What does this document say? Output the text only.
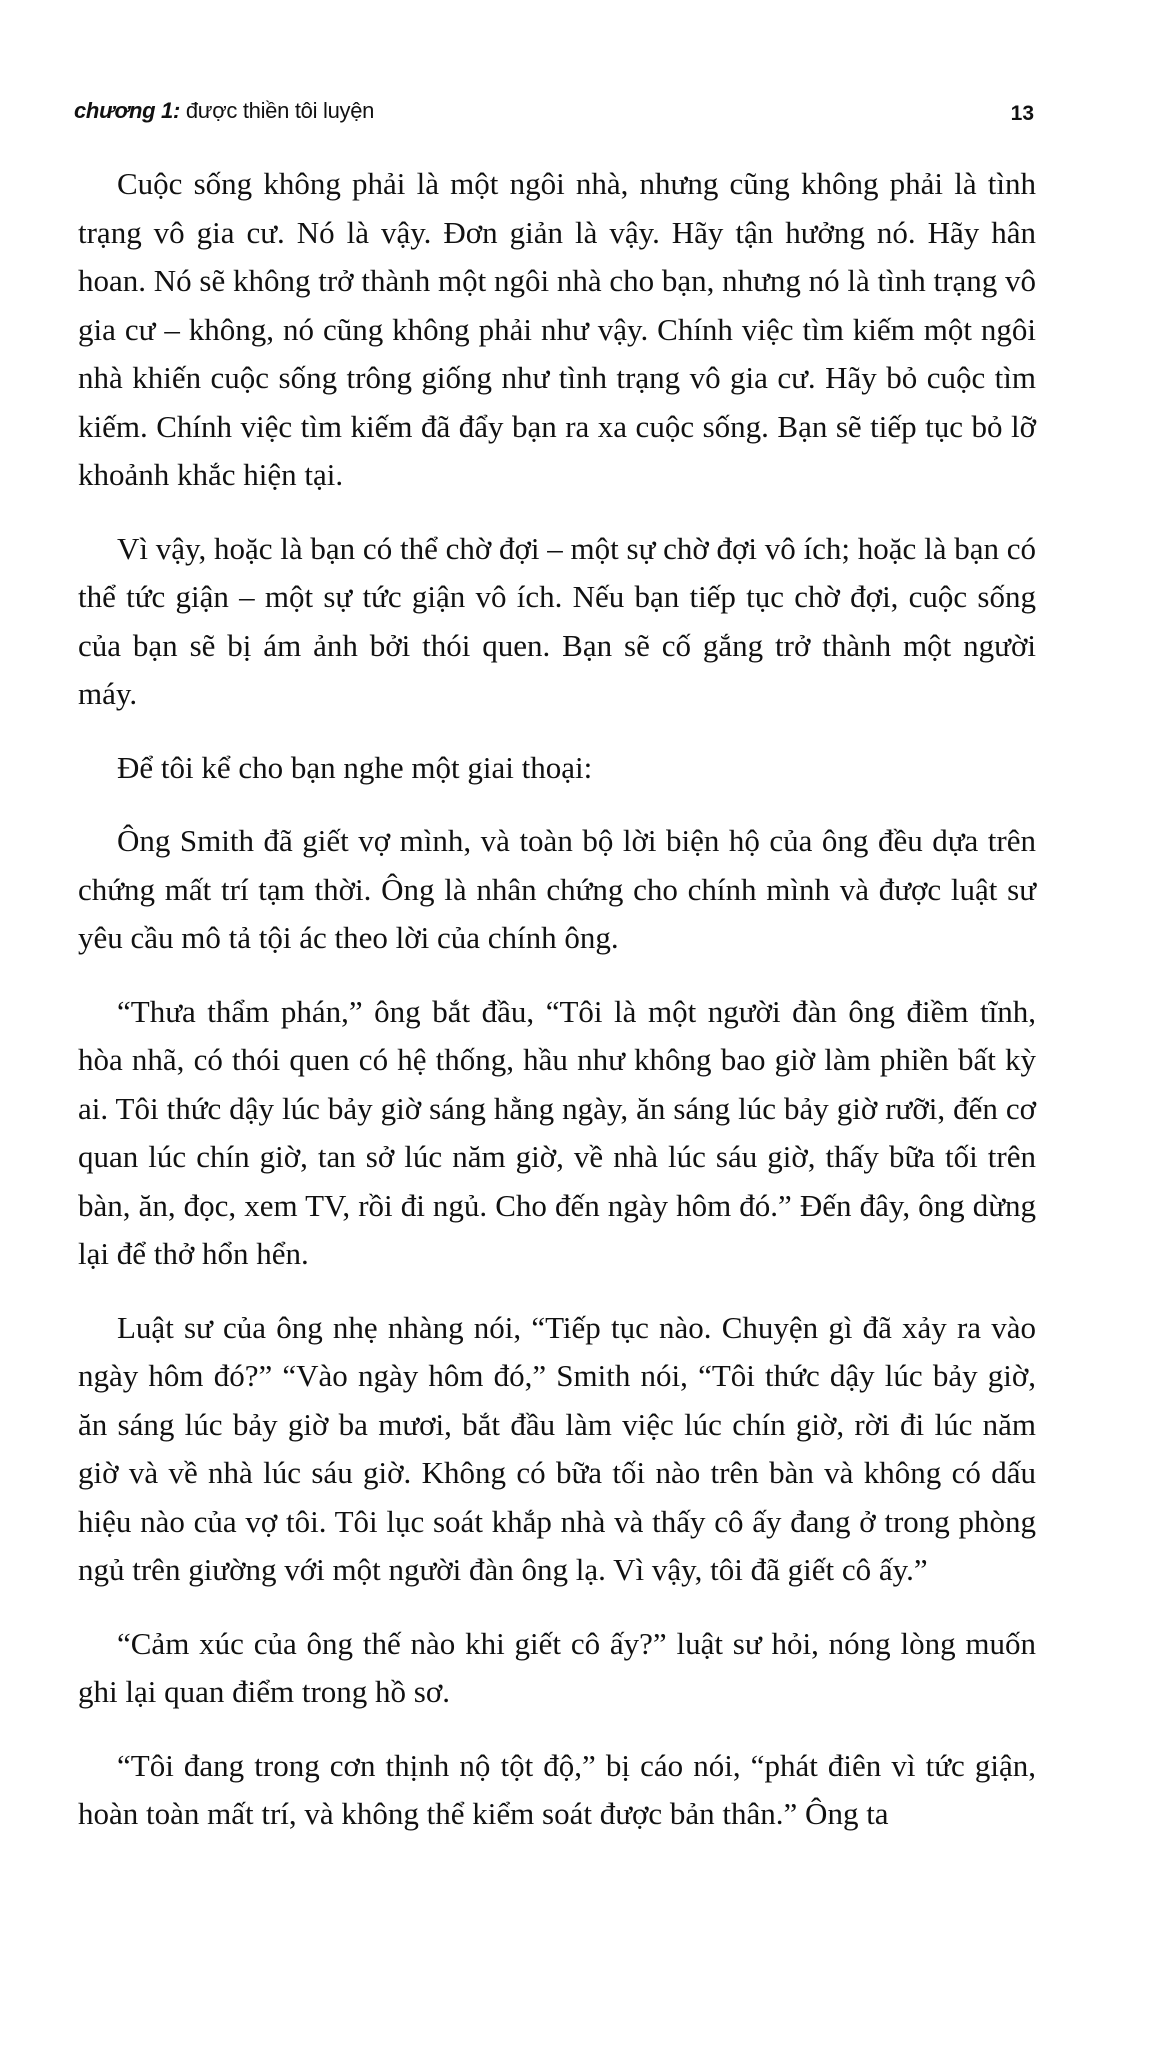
chương 1: được thiền tôi luyện	13

Cuộc sống không phải là một ngôi nhà, nhưng cũng không phải là tình trạng vô gia cư. Nó là vậy. Đơn giản là vậy. Hãy tận hưởng nó. Hãy hân hoan. Nó sẽ không trở thành một ngôi nhà cho bạn, nhưng nó là tình trạng vô gia cư – không, nó cũng không phải như vậy. Chính việc tìm kiếm một ngôi nhà khiến cuộc sống trông giống như tình trạng vô gia cư. Hãy bỏ cuộc tìm kiếm. Chính việc tìm kiếm đã đẩy bạn ra xa cuộc sống. Bạn sẽ tiếp tục bỏ lỡ khoảnh khắc hiện tại.

Vì vậy, hoặc là bạn có thể chờ đợi – một sự chờ đợi vô ích; hoặc là bạn có thể tức giận – một sự tức giận vô ích. Nếu bạn tiếp tục chờ đợi, cuộc sống của bạn sẽ bị ám ảnh bởi thói quen. Bạn sẽ cố gắng trở thành một người máy.

Để tôi kể cho bạn nghe một giai thoại:

Ông Smith đã giết vợ mình, và toàn bộ lời biện hộ của ông đều dựa trên chứng mất trí tạm thời. Ông là nhân chứng cho chính mình và được luật sư yêu cầu mô tả tội ác theo lời của chính ông.

“Thưa thẩm phán,” ông bắt đầu, “Tôi là một người đàn ông điềm tĩnh, hòa nhã, có thói quen có hệ thống, hầu như không bao giờ làm phiền bất kỳ ai. Tôi thức dậy lúc bảy giờ sáng hằng ngày, ăn sáng lúc bảy giờ rưỡi, đến cơ quan lúc chín giờ, tan sở lúc năm giờ, về nhà lúc sáu giờ, thấy bữa tối trên bàn, ăn, đọc, xem TV, rồi đi ngủ. Cho đến ngày hôm đó.” Đến đây, ông dừng lại để thở hổn hển.

Luật sư của ông nhẹ nhàng nói, “Tiếp tục nào. Chuyện gì đã xảy ra vào ngày hôm đó?” “Vào ngày hôm đó,” Smith nói, “Tôi thức dậy lúc bảy giờ, ăn sáng lúc bảy giờ ba mươi, bắt đầu làm việc lúc chín giờ, rời đi lúc năm giờ và về nhà lúc sáu giờ. Không có bữa tối nào trên bàn và không có dấu hiệu nào của vợ tôi. Tôi lục soát khắp nhà và thấy cô ấy đang ở trong phòng ngủ trên giường với một người đàn ông lạ. Vì vậy, tôi đã giết cô ấy.”

“Cảm xúc của ông thế nào khi giết cô ấy?” luật sư hỏi, nóng lòng muốn ghi lại quan điểm trong hồ sơ.

“Tôi đang trong cơn thịnh nộ tột độ,” bị cáo nói, “phát điên vì tức giận, hoàn toàn mất trí, và không thể kiểm soát được bản thân.” Ông ta
